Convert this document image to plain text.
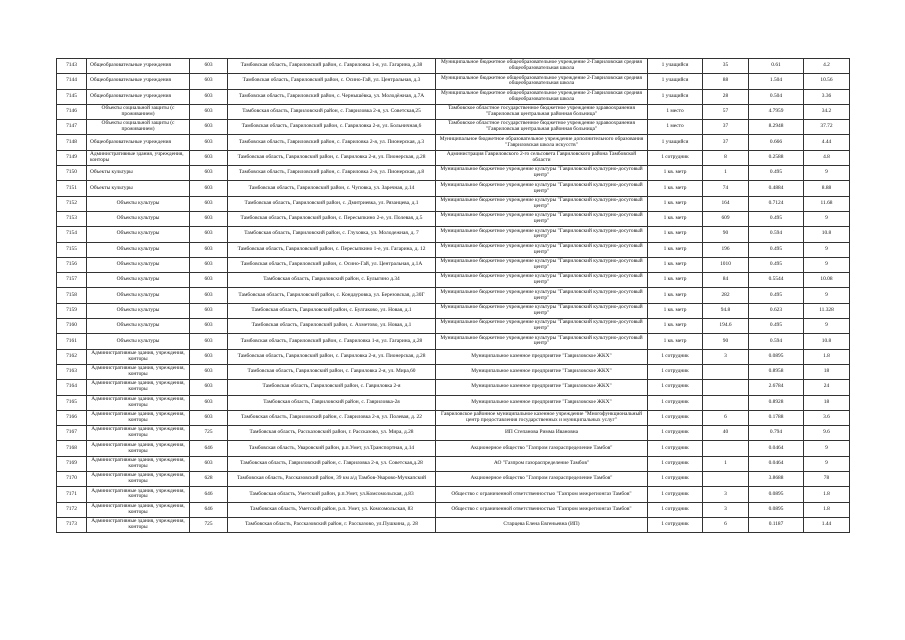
7143	Общеобразовательные учреждения	603	Тамбовская область, Гавриловский район, с. Гавриловка 1-я, ул. Гагарина, д.38	Муниципальное бюджетное общеобразовательное учреждение 2-Гавриловская средняя общеобразовательная школа	1 учащийся	35	0.61	4.2
7144	Общеобразовательные учреждения	603	Тамбовская область, Гавриловский район, с. Осино-Гай, ул. Центральная, д.3	Муниципальное бюджетное общеобразовательное учреждение 2-Гавриловская средняя общеобразовательная школа	1 учащийся	88	1.504	10.56
7145	Общеобразовательные учреждения	603	Тамбовская область, Гавриловский район, с. Чернышёвка, ул. Молодёжная, д.7А	Муниципальное бюджетное общеобразовательное учреждение 2-Гавриловская средняя общеобразовательная школа	1 учащийся	28	0.504	3.36
7146	Объекты социальной защиты (с проживанием)	603	Тамбовская область, Гавриловский район, с. Гавриловка 2-я, ул. Советская,25	Тамбовское областное государственное бюджетное учреждение здравоохранения "Гавриловская центральная районная больница"	1 место	57	4.7959	34.2
7147	Объекты социальной защиты (с проживанием)	603	Тамбовская область, Гавриловский район, с. Гавриловка 2-я, ул. Больничная,6	Тамбовское областное государственное бюджетное учреждение здравоохранения "Гавриловская центральная районная больница"	1 место	37	8.2948	37.72
7148	Общеобразовательные учреждения	603	Тамбовская область, Гавриловский район, с. Гавриловка 2-я, ул. Пионерская, д.3	Муниципальное бюджетное образовательное учреждение дополнительного образования "Гавриловская школа искусств"	1 учащийся	37	0.666	4.44
7149	Административные здания, учреждения, конторы	603	Тамбовская область, Гавриловский район, с. Гавриловка 2-я, ул. Пионерская, д.28	Администрация Гавриловского 2-го сельсовета Гавриловского района Тамбовской области	1 сотрудник	8	0.2588	4.8
7150	Объекты культуры	603	Тамбовская область, Гавриловский район, с. Гавриловка 2-я, ул. Пионерская, д.8	Муниципальное бюджетное учреждение культуры "Гавриловский культурно-досуговый центр"	1 кв. метр	1	0.495	9
7151	Объекты культуры	603	Тамбовская область, Гавриловский район, с. Чуповка, ул. Заречная, д.14	Муниципальное бюджетное учреждение культуры "Гавриловский культурно-досуговый центр"	1 кв. метр	74	0.4884	8.88
7152	Объекты культуры	603	Тамбовская область, Гавриловский район, с. Дмитриевка, ул. Рязанцева, д.1	Муниципальное бюджетное учреждение культуры "Гавриловский культурно-досуговый центр"	1 кв. метр	164	0.7124	11.68
7153	Объекты культуры	603	Тамбовская область, Гавриловский район, с. Пересыпкино 2-е, ул. Полевая, д.5	Муниципальное бюджетное учреждение культуры "Гавриловский культурно-досуговый центр"	1 кв. метр	609	0.495	9
7154	Объекты культуры	603	Тамбовская область, Гавриловский район, с. Глуховка, ул. Молодежная, д. 7	Муниципальное бюджетное учреждение культуры "Гавриловский культурно-досуговый центр"	1 кв. метр	90	0.594	10.8
7155	Объекты культуры	603	Тамбовская область, Гавриловский район, с. Пересыпкино 1-е, ул. Гагарина, д. 12	Муниципальное бюджетное учреждение культуры "Гавриловский культурно-досуговый центр"	1 кв. метр	196	0.495	9
7156	Объекты культуры	603	Тамбовская область, Гавриловский район, с. Осино-Гай, ул. Центральная, д.1А	Муниципальное бюджетное учреждение культуры "Гавриловский культурно-досуговый центр"	1 кв. метр	1010	0.495	9
7157	Объекты культуры	603	Тамбовская область, Гавриловский район, с. Булыгино д.34	Муниципальное бюджетное учреждение культуры "Гавриловский культурно-досуговый центр"	1 кв. метр	84	0.5544	10.08
7158	Объекты культуры	603	Тамбовская область, Гавриловский район, с. Кондауровка, ул. Березовская, д.30Г	Муниципальное бюджетное учреждение культуры "Гавриловский культурно-досуговый центр"	1 кв. метр	282	0.495	9
7159	Объекты культуры	603	Тамбовская область, Гавриловский район, с. Булгаково, ул. Новая, д.1	Муниципальное бюджетное учреждение культуры "Гавриловский культурно-досуговый центр"	1 кв. метр	94.8	0.623	11.328
7160	Объекты культуры	603	Тамбовская область, Гавриловский район, с. Ахметово, ул. Новая, д.1	Муниципальное бюджетное учреждение культуры "Гавриловский культурно-досуговый центр"	1 кв. метр	194.6	0.495	9
7161	Объекты культуры	603	Тамбовская область, Гавриловский район, с. Гавриловка 1-я, ул. Гагарина, д.28	Муниципальное бюджетное учреждение культуры "Гавриловский культурно-досуговый центр"	1 кв. метр	90	0.594	10.8
7162	Административные здания, учреждения, конторы	603	Тамбовская область, Гавриловский район, с. Гавриловка 2-я, ул. Пионерская, д.28	Муниципальное казенное предприятие "Гавриловское ЖКХ"	1 сотрудник	3	0.0895	1.8
7163	Административные здания, учреждения, конторы	603	Тамбовская область, Гавриловский район, с. Гавриловка 2-я, ул. Мира,60	Муниципальное казенное предприятие "Гавриловское ЖКХ"	1 сотрудник		0.8958	18
7164	Административные здания, учреждения, конторы	603	Тамбовская область, Гавриловский район, с. Гавриловка 2-я	Муниципальное казенное предприятие "Гавриловское ЖКХ"	1 сотрудник		2.6784	24
7165	Административные здания, учреждения, конторы	603	Тамбовская область, Гавриловский район, с. Гавриловка-2я	Муниципальное казенное предприятие "Гавриловское ЖКХ"	1 сотрудник		0.8928	18
7166	Административные здания, учреждения, конторы	603	Тамбовская область, Гавриловский район, с. Гавриловка 2-я, ул. Полевая, д. 22	Гавриловское районное муниципальное казенное учреждение "Многофункциональный центр предоставления государственных и муниципальных услуг"	1 сотрудник	6	0.1788	3.6
7167	Административные здания, учреждения, конторы	725	Тамбовская область, Рассказовский район, г. Рассказово, ул. Мира, д.28	ИП Степанова Римма Ивановна	1 сотрудник	40	0.794	9.6
7168	Административные здания, учреждения, конторы	646	Тамбовская область, Уваровский район, р.п.Умет, ул.Транспортная, д.14	Акционерное общество "Газпром газораспределение Тамбов"	1 сотрудник		0.0464	9
7169	Административные здания, учреждения, конторы	603	Тамбовская область, Гавриловский район, с. Гавриловка 2-я, ул. Советская,д.28	АО "Газпром газораспределение Тамбов"	1 сотрудник	1	0.0464	9
7170	Административные здания, учреждения, конторы	628	Тамбовская область, Рассказовский район, 39 км а/д Тамбов-Уварово-Мучкапский	Акционерное общество "Газпром газораспределение Тамбов"	1 сотрудник		3.8688	78
7171	Административные здания, учреждения, конторы	646	Тамбовская область, Уметский район, р.п.Умет, ул.Комсомольская, д.83	Общество с ограниченной ответственностью "Газпром межрегионгаз Тамбов"	1 сотрудник	3	0.0895	1.8
7172	Административные здания, учреждения, конторы	646	Тамбовская область, Уметский район, р.п. Умет, ул. Комсомольская, 83	Общество с ограниченной ответственностью "Газпром межрегионгаз Тамбов"	1 сотрудник	3	0.0895	1.8
7173	Административные здания, учреждения, конторы	725	Тамбовская область, Рассказовский район, г. Рассказово, ул.Пушкина, д. 28	Старцева Елена Евгеньевна (ИП)	1 сотрудник	6	0.1187	1.44
